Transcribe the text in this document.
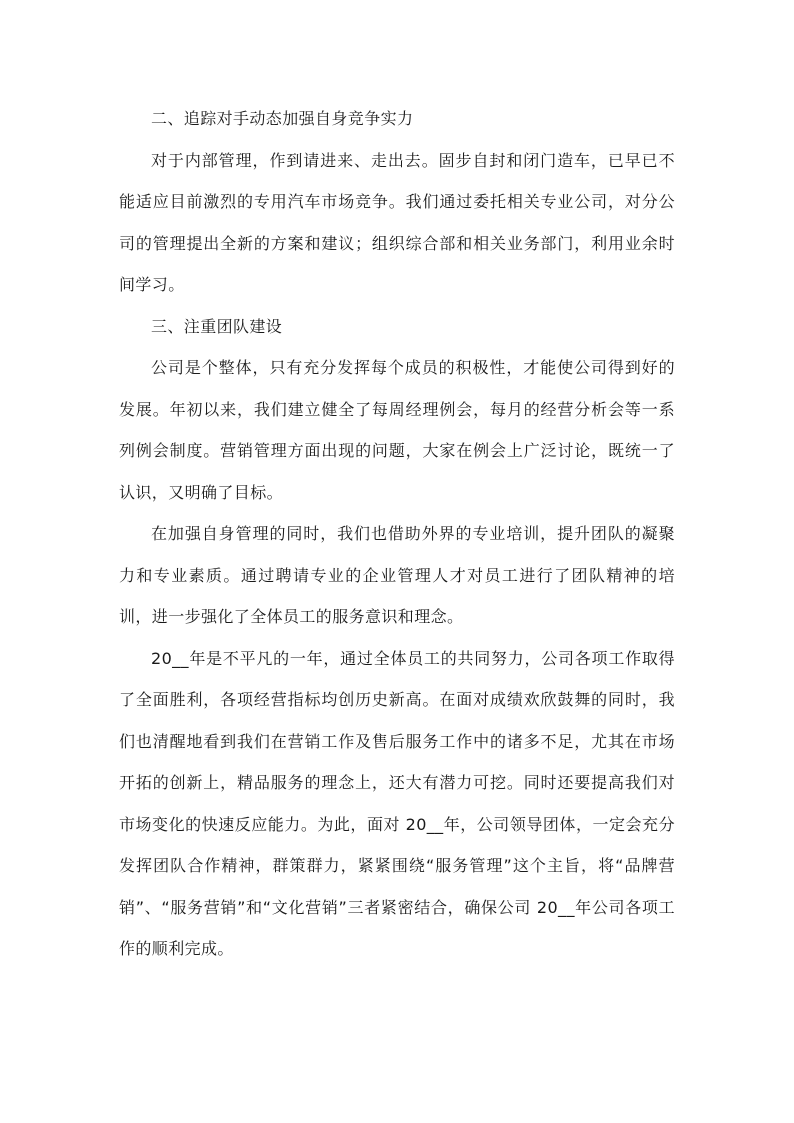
二、追踪对手动态加强自身竞争实力

对于内部管理，作到请进来、走出去。固步自封和闭门造车，已早已不能适应目前激烈的专用汽车市场竞争。我们通过委托相关专业公司，对分公司的管理提出全新的方案和建议；组织综合部和相关业务部门，利用业余时间学习。

三、注重团队建设

公司是个整体，只有充分发挥每个成员的积极性，才能使公司得到好的发展。年初以来，我们建立健全了每周经理例会，每月的经营分析会等一系列例会制度。营销管理方面出现的问题，大家在例会上广泛讨论，既统一了认识，又明确了目标。

在加强自身管理的同时，我们也借助外界的专业培训，提升团队的凝聚力和专业素质。通过聘请专业的企业管理人才对员工进行了团队精神的培训，进一步强化了全体员工的服务意识和理念。

20__年是不平凡的一年，通过全体员工的共同努力，公司各项工作取得了全面胜利，各项经营指标均创历史新高。在面对成绩欢欣鼓舞的同时，我们也清醒地看到我们在营销工作及售后服务工作中的诸多不足，尤其在市场开拓的创新上，精品服务的理念上，还大有潜力可挖。同时还要提高我们对市场变化的快速反应能力。为此，面对 20__年，公司领导团体，一定会充分发挥团队合作精神，群策群力，紧紧围绕“服务管理”这个主旨，将“品牌营销”、“服务营销”和“文化营销”三者紧密结合，确保公司 20__年公司各项工作的顺利完成。
